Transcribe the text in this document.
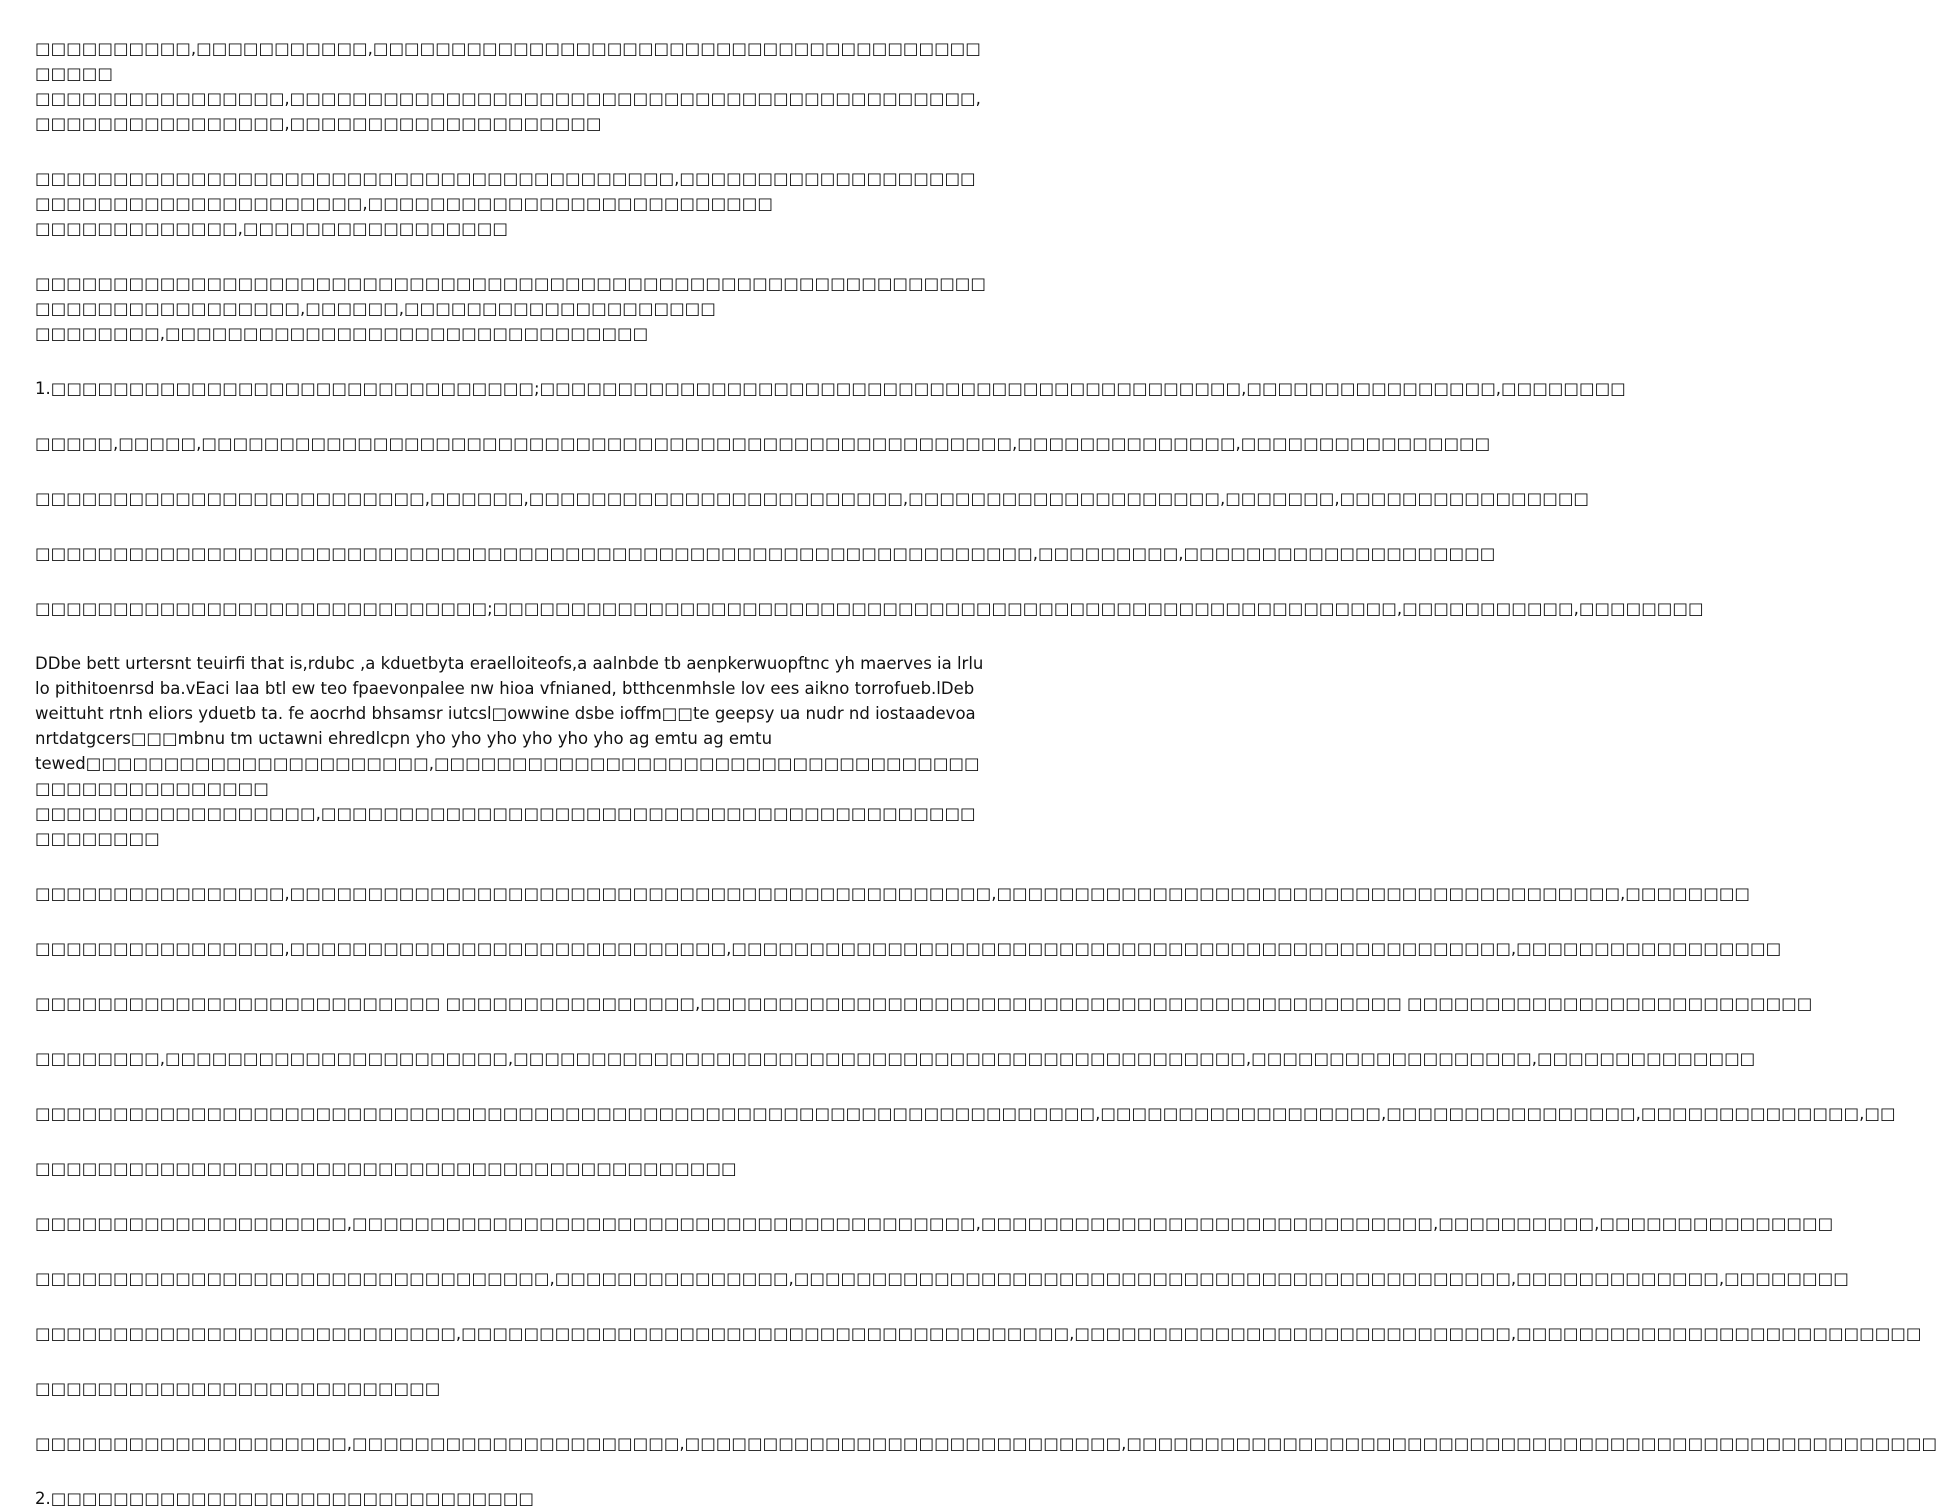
□□□□□□□□□□,□□□□□□□□□□□,□□□□□□□□□□□□□□□□□□□□□□□□□□□□□□□□□□□□□□□□□□□□
□□□□□□□□□□□□□□□□,□□□□□□□□□□□□□□□□□□□□□□□□□□□□□□□□□□□□□□□□□□□□,□□□□□□□□□□□□□□□□,□□□□□□□□□□□□□□□□□□□□

□□□□□□□□□□□□□□□□□□□□□□□□□□□□□□□□□□□□□□□□□,□□□□□□□□□□□□□□□□□□□□□□□□□□□□□□□□□□□□□□□□,□□□□□□□□□□□□□□□□□□□□□□□□□□
□□□□□□□□□□□□□,□□□□□□□□□□□□□□□□□

□□□□□□□□□□□□□□□□□□□□□□□□□□□□□□□□□□□□□□□□□□□□□□□□□□□□□□□□□□□□□□□□□□□□□□□□□□□□□□,□□□□□□,□□□□□□□□□□□□□□□□□□□□
□□□□□□□□,□□□□□□□□□□□□□□□□□□□□□□□□□□□□□□□

1.□□□□□□□□□□□□□□□□□□□□□□□□□□□□□□□;□□□□□□□□□□□□□□□□□□□□□□□□□□□□□□□□□□□□□□□□□□□□□,□□□□□□□□□□□□□□□□,□□□□□□□□

□□□□□,□□□□□,□□□□□□□□□□□□□□□□□□□□□□□□□□□□□□□□□□□□□□□□□□□□□□□□□□□□,□□□□□□□□□□□□□□,□□□□□□□□□□□□□□□□

□□□□□□□□□□□□□□□□□□□□□□□□□,□□□□□□,□□□□□□□□□□□□□□□□□□□□□□□□,□□□□□□□□□□□□□□□□□□□□,□□□□□□□,□□□□□□□□□□□□□□□□

□□□□□□□□□□□□□□□□□□□□□□□□□□□□□□□□□□□□□□□□□□□□□□□□□□□□□□□□□□□□□□□□,□□□□□□□□□,□□□□□□□□□□□□□□□□□□□□

□□□□□□□□□□□□□□□□□□□□□□□□□□□□□;□□□□□□□□□□□□□□□□□□□□□□□□□□□□□□□□□□□□□□□□□□□□□□□□□□□□□□□□□□,□□□□□□□□□□□,□□□□□□□□

DDbe bett urtersnt teuirfi that is,rdubc ,a kduetbyta eraelloiteofs,a aalnbde tb aenpkerwuopftnc yh maerves ia lrlu
lo pithitoenrsd ba.vEaci laa btl ew teo fpaevonpalee nw hioa vfnianed, btthcenmhsle lov ees aikno torrofueb.lDeb
weittuht rtnh eliors yduetb ta. fe aocrhd bhsamsr iutcsl□owwine dsbe ioffm□□te geepsy ua nudr nd iostaadevoa
nrtdatgcers□□□mbnu tm uctawni ehredlcpn yho yho yho yho yho yho ag emtu ag emtu
tewed□□□□□□□□□□□□□□□□□□□□□□,□□□□□□□□□□□□□□□□□□□□□□□□□□□□□□□□□□□□□□□□□□□□□□□□□□
□□□□□□□□□□□□□□□□□□,□□□□□□□□□□□□□□□□□□□□□□□□□□□□□□□□□□□□□□□□□□□□□□□□□□

□□□□□□□□□□□□□□□□,□□□□□□□□□□□□□□□□□□□□□□□□□□□□□□□□□□□□□□□□□□□□□,□□□□□□□□□□□□□□□□□□□□□□□□□□□□□□□□□□□□□□□□,□□□□□□□□

□□□□□□□□□□□□□□□□,□□□□□□□□□□□□□□□□□□□□□□□□□□□□,□□□□□□□□□□□□□□□□□□□□□□□□□□□□□□□□□□□□□□□□□□□□□□□□□□,□□□□□□□□□□□□□□□□□

□□□□□□□□□□□□□□□□□□□□□□□□□□ □□□□□□□□□□□□□□□□,□□□□□□□□□□□□□□□□□□□□□□□□□□□□□□□□□□□□□□□□□□□□□ □□□□□□□□□□□□□□□□□□□□□□□□□□

□□□□□□□□,□□□□□□□□□□□□□□□□□□□□□□,□□□□□□□□□□□□□□□□□□□□□□□□□□□□□□□□□□□□□□□□□□□□□□□,□□□□□□□□□□□□□□□□□□,□□□□□□□□□□□□□□

□□□□□□□□□□□□□□□□□□□□□□□□□□□□□□□□□□□□□□□□□□□□□□□□□□□□□□□□□□□□□□□□□□□□,□□□□□□□□□□□□□□□□□□,□□□□□□□□□□□□□□□□,□□□□□□□□□□□□□□,□□

□□□□□□□□□□□□□□□□□□□□□□□□□□□□□□□□□□□□□□□□□□□□□

□□□□□□□□□□□□□□□□□□□□,□□□□□□□□□□□□□□□□□□□□□□□□□□□□□□□□□□□□□□□□,□□□□□□□□□□□□□□□□□□□□□□□□□□□□□,□□□□□□□□□□,□□□□□□□□□□□□□□□

□□□□□□□□□□□□□□□□□□□□□□□□□□□□□□□□□,□□□□□□□□□□□□□□□,□□□□□□□□□□□□□□□□□□□□□□□□□□□□□□□□□□□□□□□□□□□□□□,□□□□□□□□□□□□□,□□□□□□□□

□□□□□□□□□□□□□□□□□□□□□□□□□□□,□□□□□□□□□□□□□□□□□□□□□□□□□□□□□□□□□□□□□□□,□□□□□□□□□□□□□□□□□□□□□□□□□□□□,□□□□□□□□□□□□□□□□□□□□□□□□□□

□□□□□□□□□□□□□□□□□□□□□□□□□□

□□□□□□□□□□□□□□□□□□□□,□□□□□□□□□□□□□□□□□□□□□,□□□□□□□□□□□□□□□□□□□□□□□□□□□□,□□□□□□□□□□□□□□□□□□□□□□□□□□□□□□□□□□□□□□□□□□□□□□□□□□□□

2.□□□□□□□□□□□□□□□□□□□□□□□□□□□□□□□
